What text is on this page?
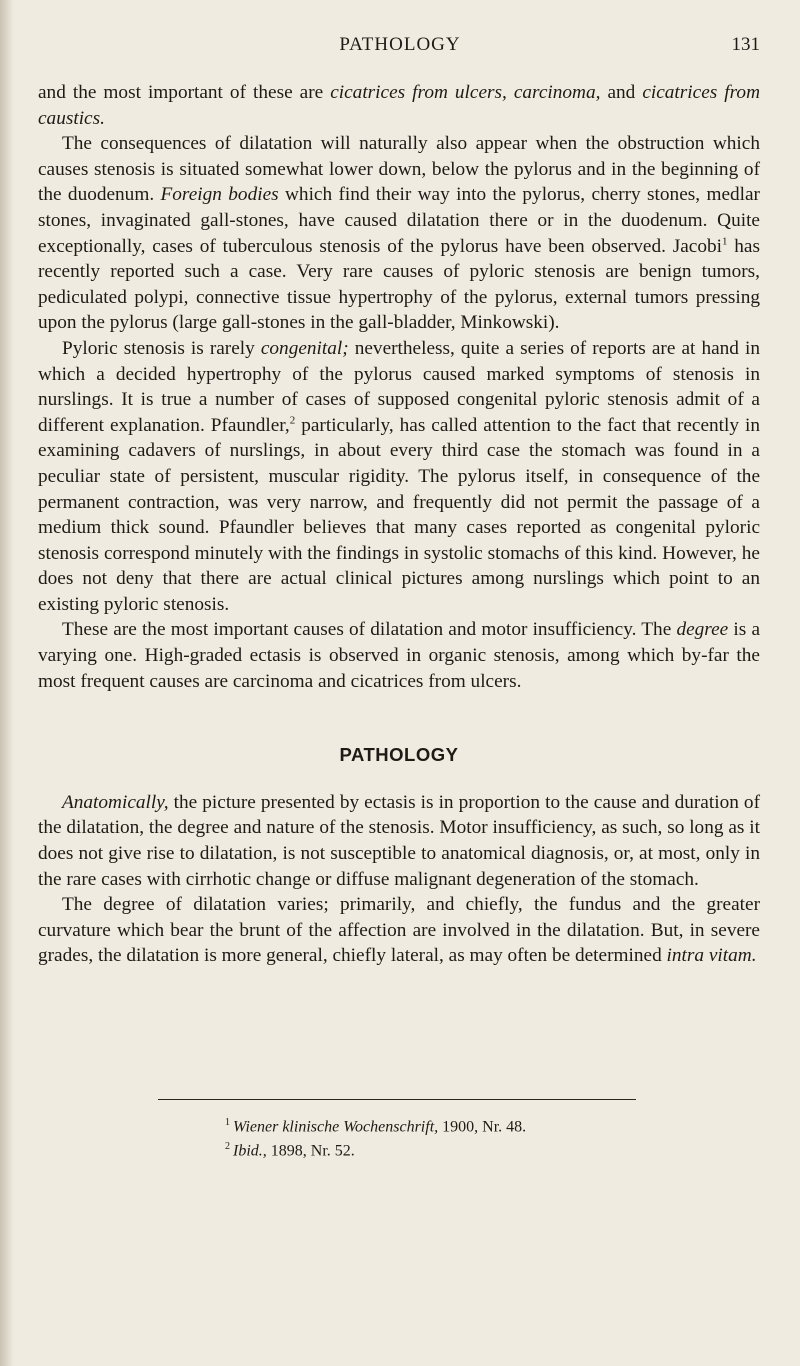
PATHOLOGY	131

and the most important of these are cicatrices from ulcers, carcinoma, and cicatrices from caustics.

The consequences of dilatation will naturally also appear when the obstruction which causes stenosis is situated somewhat lower down, below the pylorus and in the beginning of the duodenum. Foreign bodies which find their way into the pylorus, cherry stones, medlar stones, invaginated gall-stones, have caused dilatation there or in the duodenum. Quite exceptionally, cases of tuberculous stenosis of the pylorus have been observed. Jacobi$^1$ has recently reported such a case. Very rare causes of pyloric stenosis are benign tumors, pediculated polypi, connective tissue hypertrophy of the pylorus, external tumors pressing upon the pylorus (large gall-stones in the gall-bladder, Minkowski).

Pyloric stenosis is rarely congenital; nevertheless, quite a series of reports are at hand in which a decided hypertrophy of the pylorus caused marked symptoms of stenosis in nurslings. It is true a number of cases of supposed congenital pyloric stenosis admit of a different explanation. Pfaundler,$^2$ particularly, has called attention to the fact that recently in examining cadavers of nurslings, in about every third case the stomach was found in a peculiar state of persistent, muscular rigidity. The pylorus itself, in consequence of the permanent contraction, was very narrow, and frequently did not permit the passage of a medium thick sound. Pfaundler believes that many cases reported as congenital pyloric stenosis correspond minutely with the findings in systolic stomachs of this kind. However, he does not deny that there are actual clinical pictures among nurslings which point to an existing pyloric stenosis.

These are the most important causes of dilatation and motor insufficiency. The degree is a varying one. High-graded ectasis is observed in organic stenosis, among which by-far the most frequent causes are carcinoma and cicatrices from ulcers.

PATHOLOGY

Anatomically, the picture presented by ectasis is in proportion to the cause and duration of the dilatation, the degree and nature of the stenosis. Motor insufficiency, as such, so long as it does not give rise to dilatation, is not susceptible to anatomical diagnosis, or, at most, only in the rare cases with cirrhotic change or diffuse malignant degeneration of the stomach.

The degree of dilatation varies; primarily, and chiefly, the fundus and the greater curvature which bear the brunt of the affection are involved in the dilatation. But, in severe grades, the dilatation is more general, chiefly lateral, as may often be determined intra vitam.

$^1$ Wiener klinische Wochenschrift, 1900, Nr. 48.

$^2$ Ibid., 1898, Nr. 52.
